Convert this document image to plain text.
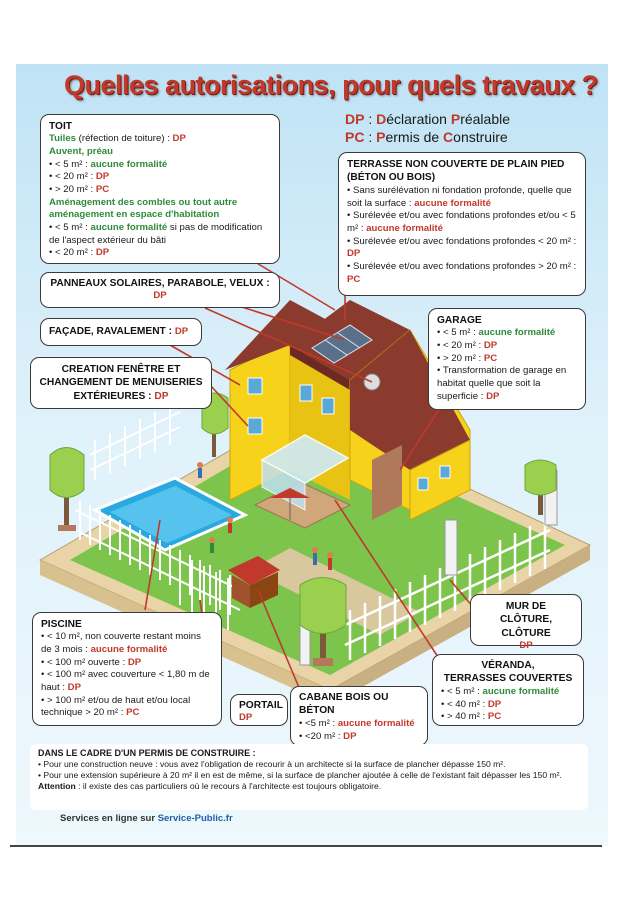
Quelles autorisations, pour quels travaux ?
DP : Déclaration Préalable
PC : Permis de Construire
TOIT
Tuiles (réfection de toiture) : DP
Auvent, préau
• < 5 m² : aucune formalité
• < 20 m² : DP
• > 20 m² : PC
Aménagement des combles ou tout autre aménagement en espace d'habitation
• < 5 m² : aucune formalité si pas de modification de l'aspect extérieur du bâti
• < 20 m² : DP
PANNEAUX SOLAIRES, PARABOLE, VELUX :
DP
FAÇADE, RAVALEMENT : DP
CREATION FENÊTRE ET
CHANGEMENT DE MENUISERIES
EXTÉRIEURES : DP
TERRASSE NON COUVERTE DE PLAIN PIED (BÉTON OU BOIS)
• Sans surélévation ni fondation profonde, quelle que soit la surface : aucune formalité
• Surélevée et/ou avec fondations profondes et/ou < 5 m² : aucune formalité
• Surélevée et/ou avec fondations profondes < 20 m² : DP
• Surélevée et/ou avec fondations profondes > 20 m² : PC
GARAGE
• < 5 m² : aucune formalité
• < 20 m² : DP
• > 20 m² : PC
• Transformation de garage en habitat quelle que soit la superficie : DP
MUR DE CLÔTURE,
CLÔTURE
DP
PISCINE
• < 10 m², non couverte restant moins de 3 mois : aucune formalité
• < 100 m² ouverte : DP
• < 100 m² avec couverture < 1,80 m de haut : DP
• > 100 m² et/ou de haut et/ou local technique > 20 m² : PC
PORTAIL
DP
CABANE BOIS OU BÉTON
• <5 m² : aucune formalité
• <20 m² : DP
•
VÉRANDA,
TERRASSES COUVERTES
• < 5 m² : aucune formalité
• < 40 m² : DP
• > 40 m² : PC
DANS LE CADRE D'UN PERMIS DE CONSTRUIRE :
• Pour une construction neuve : vous avez l'obligation de recourir à un architecte si la surface de plancher dépasse 150 m².
• Pour une extension supérieure à 20 m² il en est de même, si la surface de plancher ajoutée à celle de l'existant fait dépasser les 150 m².
Attention : il existe des cas particuliers où le recours à l'architecte est toujours obligatoire.
Services en ligne sur Service-Public.fr
